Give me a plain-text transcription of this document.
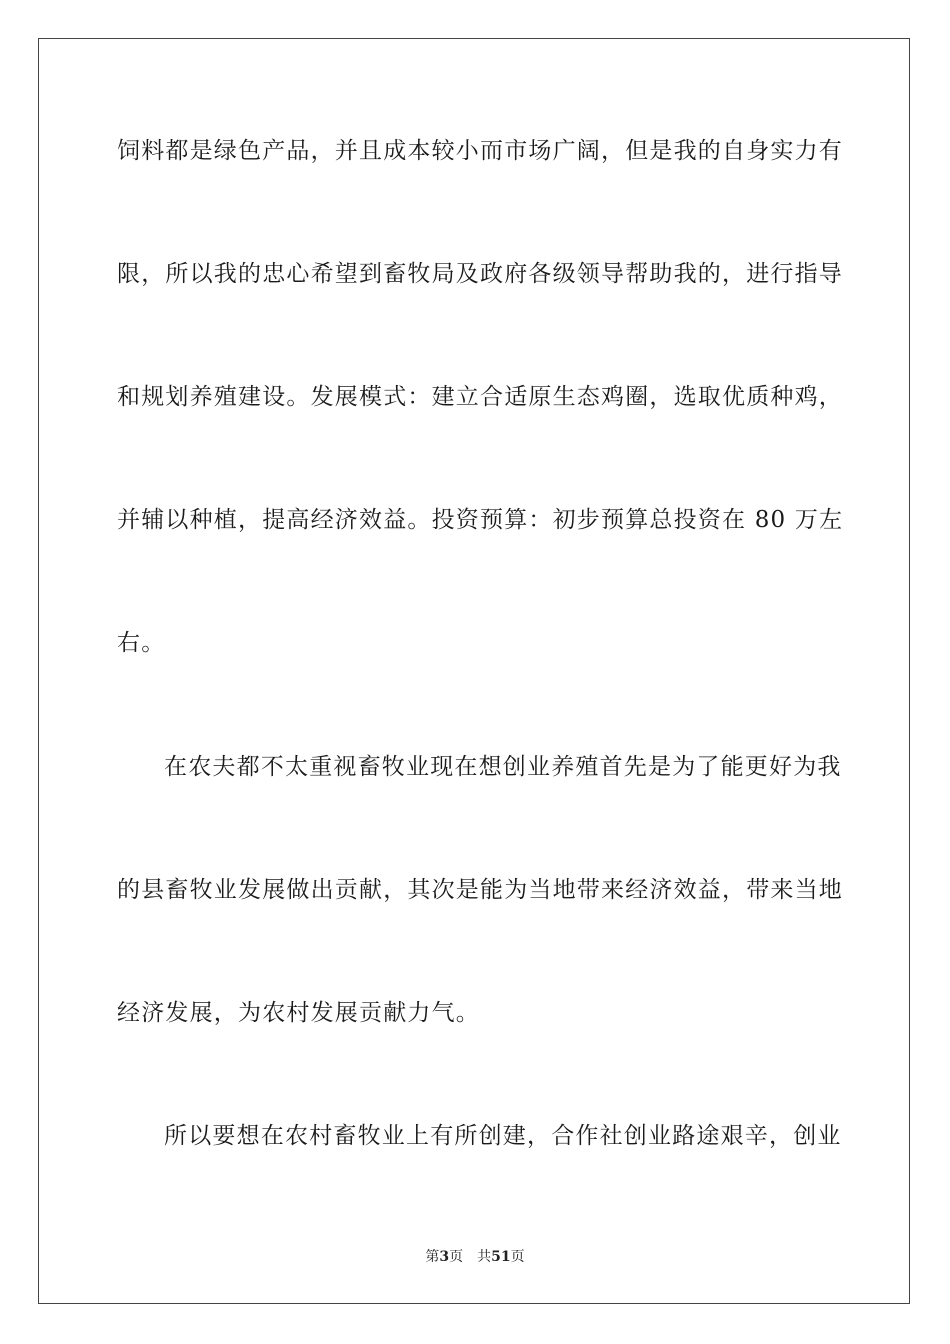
饲料都是绿色产品，并且成本较小而市场广阔，但是我的自身实力有
限，所以我的忠心希望到畜牧局及政府各级领导帮助我的，进行指导
和规划养殖建设。发展模式：建立合适原生态鸡圈，选取优质种鸡，
并辅以种植，提高经济效益。投资预算：初步预算总投资在 80 万左
右。
在农夫都不太重视畜牧业现在想创业养殖首先是为了能更好为我
的县畜牧业发展做出贡献，其次是能为当地带来经济效益，带来当地
经济发展，为农村发展贡献力气。
所以要想在农村畜牧业上有所创建，合作社创业路途艰辛，创业
第3页 共51页
